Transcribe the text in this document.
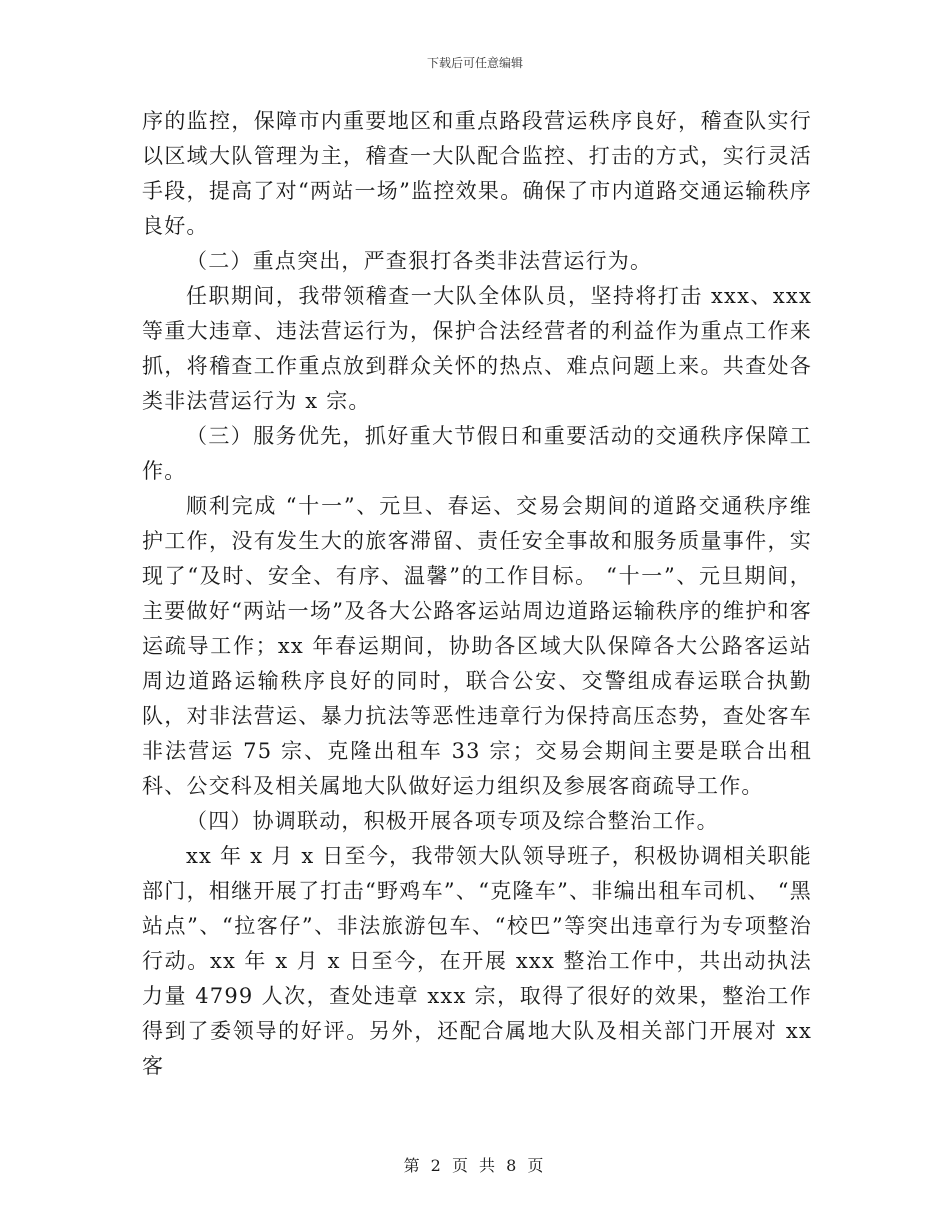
下载后可任意编辑

序的监控，保障市内重要地区和重点路段营运秩序良好，稽查队实行以区域大队管理为主，稽查一大队配合监控、打击的方式，实行灵活手段，提高了对“两站一场”监控效果。确保了市内道路交通运输秩序良好。

（二）重点突出，严查狠打各类非法营运行为。

任职期间，我带领稽查一大队全体队员，坚持将打击 xxx、xxx 等重大违章、违法营运行为，保护合法经营者的利益作为重点工作来抓，将稽查工作重点放到群众关怀的热点、难点问题上来。共查处各类非法营运行为 x 宗。

（三）服务优先，抓好重大节假日和重要活动的交通秩序保障工作。

顺利完成 “十一”、元旦、春运、交易会期间的道路交通秩序维护工作，没有发生大的旅客滞留、责任安全事故和服务质量事件，实现了“及时、安全、有序、温馨”的工作目标。 “十一”、元旦期间，主要做好“两站一场”及各大公路客运站周边道路运输秩序的维护和客运疏导工作；xx 年春运期间，协助各区域大队保障各大公路客运站周边道路运输秩序良好的同时，联合公安、交警组成春运联合执勤队，对非法营运、暴力抗法等恶性违章行为保持高压态势，查处客车非法营运 75 宗、克隆出租车 33 宗；交易会期间主要是联合出租科、公交科及相关属地大队做好运力组织及参展客商疏导工作。

（四）协调联动，积极开展各项专项及综合整治工作。

xx 年 x 月 x 日至今，我带领大队领导班子，积极协调相关职能部门，相继开展了打击“野鸡车”、“克隆车”、非编出租车司机、 “黑站点”、“拉客仔”、非法旅游包车、“校巴”等突出违章行为专项整治行动。xx 年 x 月 x 日至今，在开展 xxx 整治工作中，共出动执法力量 4799 人次，查处违章 xxx 宗，取得了很好的效果，整治工作得到了委领导的好评。另外，还配合属地大队及相关部门开展对 xx 客

第 2 页 共 8 页
